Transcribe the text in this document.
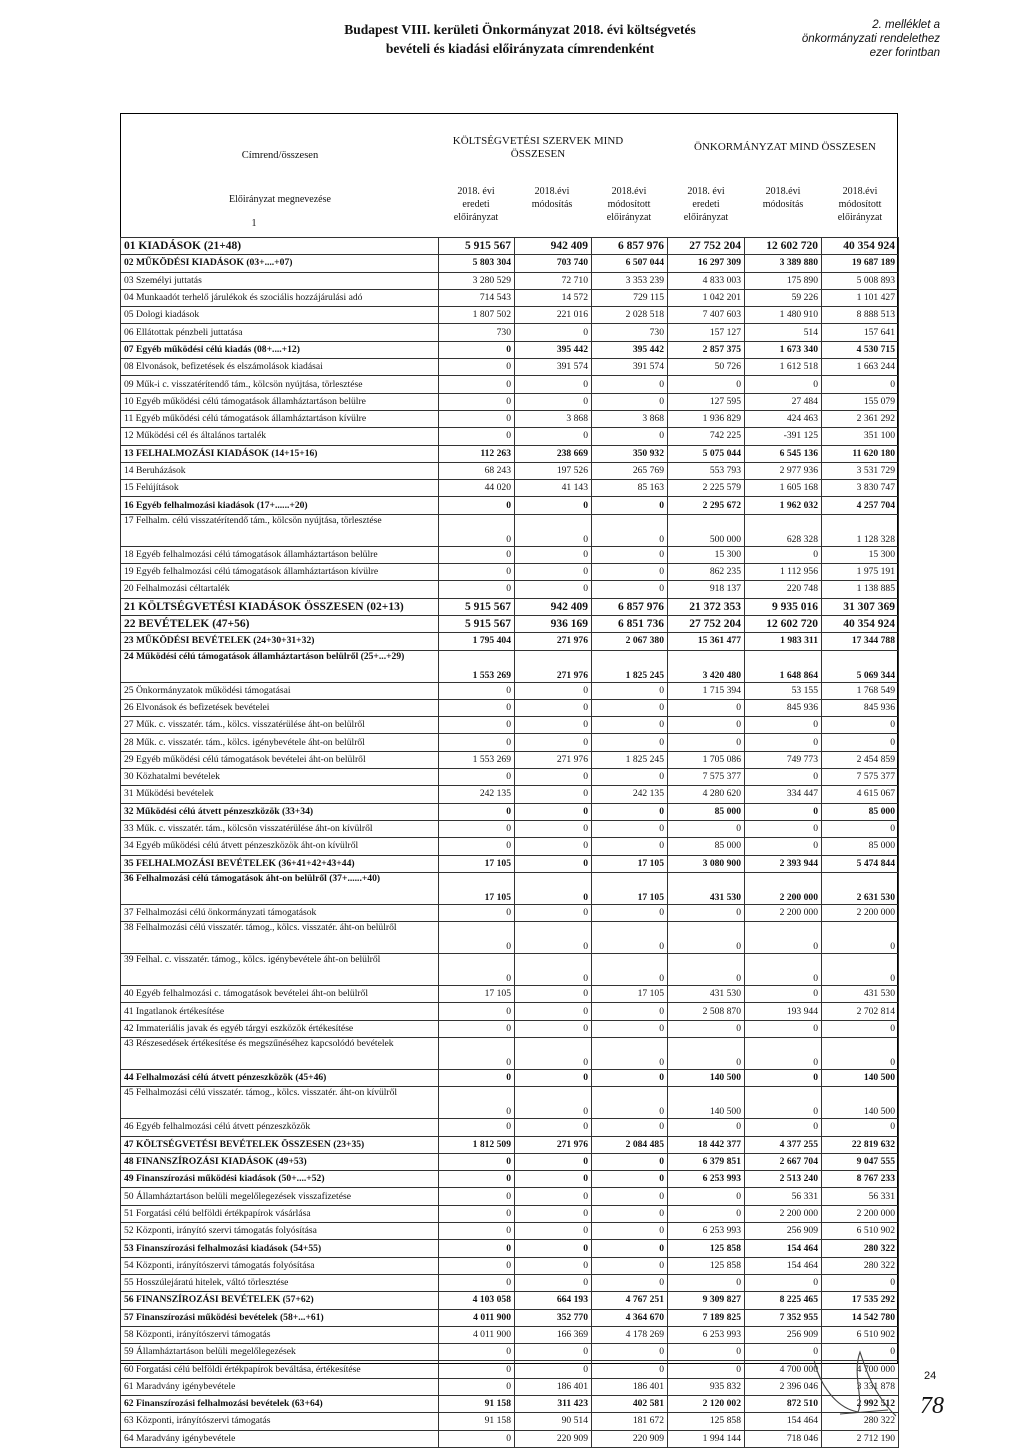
Budapest VIII. kerületi Önkormányzat 2018. évi költségvetés
bevételi és kiadási előirányzata címrendenként
2. melléklet a
önkormányzati rendelethez
ezer forintban
Címrend/összesen
KÖLTSÉGVETÉSI SZERVEK MIND ÖSSZESEN
ÖNKORMÁNYZAT MIND ÖSSZESEN
Előirányzat megnevezése
1
2018. évi
eredeti
előirányzat
2018.évi
módosítás
2018.évi
módosított
előirányzat
2018. évi
eredeti
előirányzat
2018.évi
módosítás
2018.évi
módosított
előirányzat
01 KIADÁSOK (21+48)	5 915 567	942 409	6 857 976	27 752 204	12 602 720	40 354 924
02 MŰKÖDÉSI KIADÁSOK (03+....+07)	5 803 304	703 740	6 507 044	16 297 309	3 389 880	19 687 189
03 Személyi juttatás	3 280 529	72 710	3 353 239	4 833 003	175 890	5 008 893
04 Munkaadót terhelő járulékok és szociális hozzájárulási adó	714 543	14 572	729 115	1 042 201	59 226	1 101 427
05 Dologi kiadások	1 807 502	221 016	2 028 518	7 407 603	1 480 910	8 888 513
06 Ellátottak pénzbeli juttatása	730	0	730	157 127	514	157 641
07 Egyéb működési célú kiadás (08+....+12)	0	395 442	395 442	2 857 375	1 673 340	4 530 715
08 Elvonások, befizetések és elszámolások kiadásai	0	391 574	391 574	50 726	1 612 518	1 663 244
09 Műk-i c. visszatérítendő tám., kölcsön nyújtása, törlesztése	0	0	0	0	0	0
10 Egyéb működési célú támogatások államháztartáson belülre	0	0	0	127 595	27 484	155 079
11 Egyéb működési célú támogatások államháztartáson kívülre	0	3 868	3 868	1 936 829	424 463	2 361 292
12 Működési cél és általános tartalék	0	0	0	742 225	-391 125	351 100
13 FELHALMOZÁSI KIADÁSOK (14+15+16)	112 263	238 669	350 932	5 075 044	6 545 136	11 620 180
14 Beruházások	68 243	197 526	265 769	553 793	2 977 936	3 531 729
15 Felújítások	44 020	41 143	85 163	2 225 579	1 605 168	3 830 747
16 Egyéb felhalmozási kiadások (17+......+20)	0	0	0	2 295 672	1 962 032	4 257 704
17 Felhalm. célú visszatérítendő tám., kölcsön nyújtása, törlesztése	0	0	0	500 000	628 328	1 128 328
18 Egyéb felhalmozási célú támogatások államháztartáson belülre	0	0	0	15 300	0	15 300
19 Egyéb felhalmozási célú támogatások államháztartáson kívülre	0	0	0	862 235	1 112 956	1 975 191
20 Felhalmozási céltartalék	0	0	0	918 137	220 748	1 138 885
21 KÖLTSÉGVETÉSI KIADÁSOK ÖSSZESEN (02+13)	5 915 567	942 409	6 857 976	21 372 353	9 935 016	31 307 369
22 BEVÉTELEK (47+56)	5 915 567	936 169	6 851 736	27 752 204	12 602 720	40 354 924
23 MŰKÖDÉSI BEVÉTELEK (24+30+31+32)	1 795 404	271 976	2 067 380	15 361 477	1 983 311	17 344 788
24 Működési célú támogatások államháztartáson belülről (25+...+29)	1 553 269	271 976	1 825 245	3 420 480	1 648 864	5 069 344
25 Önkormányzatok működési támogatásai	0	0	0	1 715 394	53 155	1 768 549
26 Elvonások és befizetések bevételei	0	0	0	0	845 936	845 936
27 Műk. c. visszatér. tám., kölcs. visszatérülése áht-on belülről	0	0	0	0	0	0
28 Műk. c. visszatér. tám., kölcs. igénybevétele áht-on belülről	0	0	0	0	0	0
29 Egyéb működési célú támogatások bevételei áht-on belülről	1 553 269	271 976	1 825 245	1 705 086	749 773	2 454 859
30 Közhatalmi bevételek	0	0	0	7 575 377	0	7 575 377
31 Működési bevételek	242 135	0	242 135	4 280 620	334 447	4 615 067
32 Működési célú átvett pénzeszközök (33+34)	0	0	0	85 000	0	85 000
33 Műk. c. visszatér. tám., kölcsön visszatérülése áht-on kívülről	0	0	0	0	0	0
34 Egyéb működési célú átvett pénzeszközök áht-on kívülről	0	0	0	85 000	0	85 000
35 FELHALMOZÁSI BEVÉTELEK (36+41+42+43+44)	17 105	0	17 105	3 080 900	2 393 944	5 474 844
36 Felhalmozási célú támogatások áht-on belülről (37+......+40)	17 105	0	17 105	431 530	2 200 000	2 631 530
37 Felhalmozási célú önkormányzati támogatások	0	0	0	0	2 200 000	2 200 000
38 Felhalmozási célú visszatér. támog., kölcs. visszatér. áht-on belülről	0	0	0	0	0	0
39 Felhal. c. visszatér. támog., kölcs. igénybevétele áht-on belülről	0	0	0	0	0	0
40 Egyéb felhalmozási c. támogatások bevételei áht-on belülről	17 105	0	17 105	431 530	0	431 530
41 Ingatlanok értékesítése	0	0	0	2 508 870	193 944	2 702 814
42 Immateriális javak és egyéb tárgyi eszközök értékesítése	0	0	0	0	0	0
43 Részesedések értékesítése és megszűnéséhez kapcsolódó bevételek	0	0	0	0	0	0
44 Felhalmozási célú átvett pénzeszközök (45+46)	0	0	0	140 500	0	140 500
45 Felhalmozási célú visszatér. támog., kölcs. visszatér. áht-on kívülről	0	0	0	140 500	0	140 500
46 Egyéb felhalmozási célú átvett pénzeszközök	0	0	0	0	0	0
47 KÖLTSÉGVETÉSI BEVÉTELEK ÖSSZESEN (23+35)	1 812 509	271 976	2 084 485	18 442 377	4 377 255	22 819 632
48 FINANSZÍROZÁSI KIADÁSOK (49+53)	0	0	0	6 379 851	2 667 704	9 047 555
49 Finanszírozási működési kiadások (50+....+52)	0	0	0	6 253 993	2 513 240	8 767 233
50 Államháztartáson belüli megelőlegezések visszafizetése	0	0	0	0	56 331	56 331
51 Forgatási célú belföldi értékpapírok vásárlása	0	0	0	0	2 200 000	2 200 000
52 Központi, irányító szervi támogatás folyósítása	0	0	0	6 253 993	256 909	6 510 902
53 Finanszírozási felhalmozási kiadások (54+55)	0	0	0	125 858	154 464	280 322
54 Központi, irányítószervi támogatás folyósítása	0	0	0	125 858	154 464	280 322
55 Hosszúlejáratú hitelek, váltó törlesztése	0	0	0	0	0	0
56 FINANSZÍROZÁSI BEVÉTELEK (57+62)	4 103 058	664 193	4 767 251	9 309 827	8 225 465	17 535 292
57 Finanszírozási működési bevételek (58+...+61)	4 011 900	352 770	4 364 670	7 189 825	7 352 955	14 542 780
58 Központi, irányítószervi támogatás	4 011 900	166 369	4 178 269	6 253 993	256 909	6 510 902
59 Államháztartáson belüli megelőlegezések	0	0	0	0	0	0
60 Forgatási célú belföldi értékpapírok beváltása, értékesítése	0	0	0	0	4 700 000	4 700 000
61 Maradvány igénybevétele	0	186 401	186 401	935 832	2 396 046	3 331 878
62 Finanszírozási felhalmozási bevételek (63+64)	91 158	311 423	402 581	2 120 002	872 510	2 992 512
63 Központi, irányítószervi támogatás	91 158	90 514	181 672	125 858	154 464	280 322
64 Maradvány igénybevétele	0	220 909	220 909	1 994 144	718 046	2 712 190
24
78
